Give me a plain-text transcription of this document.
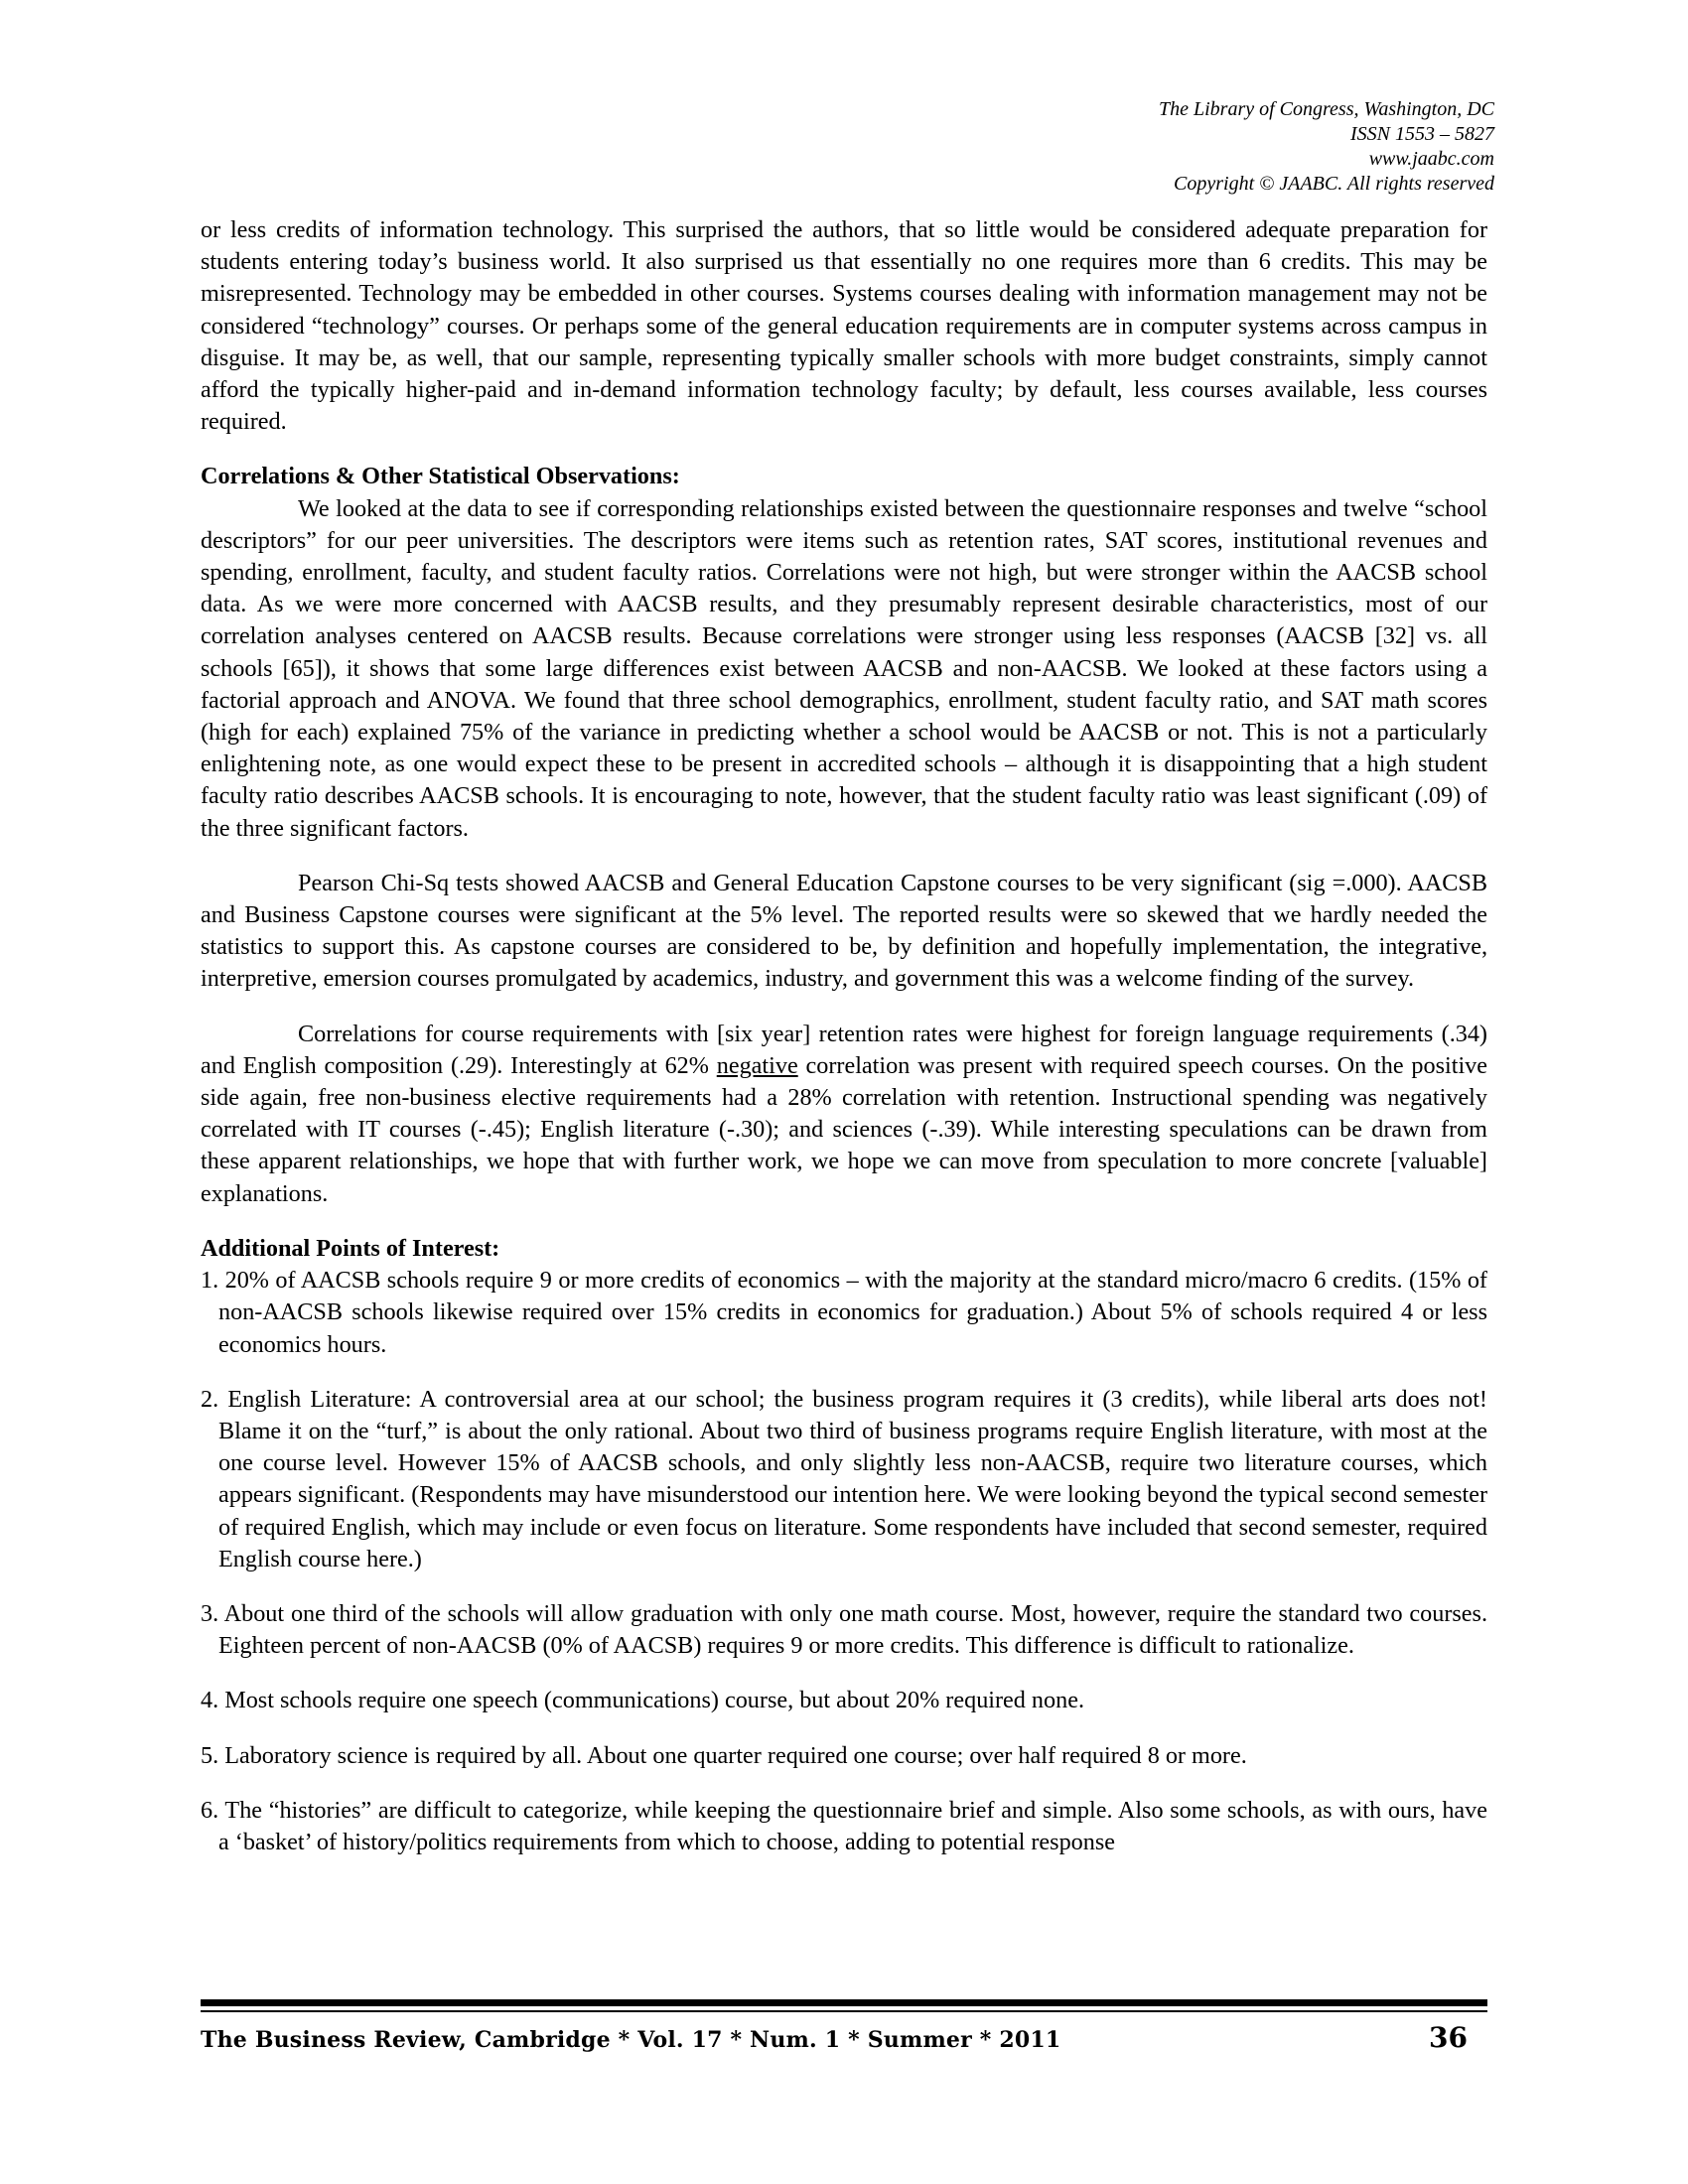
The Library of Congress, Washington, DC
ISSN 1553 – 5827
www.jaabc.com
Copyright © JAABC. All rights reserved

or less credits of information technology. This surprised the authors, that so little would be considered adequate preparation for students entering today’s business world. It also surprised us that essentially no one requires more than 6 credits. This may be misrepresented. Technology may be embedded in other courses. Systems courses dealing with information management may not be considered “technology” courses. Or perhaps some of the general education requirements are in computer systems across campus in disguise. It may be, as well, that our sample, representing typically smaller schools with more budget constraints, simply cannot afford the typically higher-paid and in-demand information technology faculty; by default, less courses available, less courses required.

Correlations & Other Statistical Observations:

We looked at the data to see if corresponding relationships existed between the questionnaire responses and twelve “school descriptors” for our peer universities. The descriptors were items such as retention rates, SAT scores, institutional revenues and spending, enrollment, faculty, and student faculty ratios. Correlations were not high, but were stronger within the AACSB school data. As we were more concerned with AACSB results, and they presumably represent desirable characteristics, most of our correlation analyses centered on AACSB results. Because correlations were stronger using less responses (AACSB [32] vs. all schools [65]), it shows that some large differences exist between AACSB and non-AACSB. We looked at these factors using a factorial approach and ANOVA. We found that three school demographics, enrollment, student faculty ratio, and SAT math scores (high for each) explained 75% of the variance in predicting whether a school would be AACSB or not. This is not a particularly enlightening note, as one would expect these to be present in accredited schools – although it is disappointing that a high student faculty ratio describes AACSB schools. It is encouraging to note, however, that the student faculty ratio was least significant (.09) of the three significant factors.

Pearson Chi-Sq tests showed AACSB and General Education Capstone courses to be very significant (sig =.000). AACSB and Business Capstone courses were significant at the 5% level. The reported results were so skewed that we hardly needed the statistics to support this. As capstone courses are considered to be, by definition and hopefully implementation, the integrative, interpretive, emersion courses promulgated by academics, industry, and government this was a welcome finding of the survey.

Correlations for course requirements with [six year] retention rates were highest for foreign language requirements (.34) and English composition (.29). Interestingly at 62% negative correlation was present with required speech courses. On the positive side again, free non-business elective requirements had a 28% correlation with retention. Instructional spending was negatively correlated with IT courses (-.45); English literature (-.30); and sciences (-.39). While interesting speculations can be drawn from these apparent relationships, we hope that with further work, we hope we can move from speculation to more concrete [valuable] explanations.

Additional Points of Interest:

1. 20% of AACSB schools require 9 or more credits of economics – with the majority at the standard micro/macro 6 credits. (15% of non-AACSB schools likewise required over 15% credits in economics for graduation.) About 5% of schools required 4 or less economics hours.

2. English Literature: A controversial area at our school; the business program requires it (3 credits), while liberal arts does not! Blame it on the “turf,” is about the only rational. About two third of business programs require English literature, with most at the one course level. However 15% of AACSB schools, and only slightly less non-AACSB, require two literature courses, which appears significant. (Respondents may have misunderstood our intention here. We were looking beyond the typical second semester of required English, which may include or even focus on literature. Some respondents have included that second semester, required English course here.)

3. About one third of the schools will allow graduation with only one math course. Most, however, require the standard two courses. Eighteen percent of non-AACSB (0% of AACSB) requires 9 or more credits. This difference is difficult to rationalize.

4. Most schools require one speech (communications) course, but about 20% required none.

5. Laboratory science is required by all. About one quarter required one course; over half required 8 or more.

6. The “histories” are difficult to categorize, while keeping the questionnaire brief and simple. Also some schools, as with ours, have a ‘basket’ of history/politics requirements from which to choose, adding to potential response

The Business Review, Cambridge * Vol. 17 * Num. 1 * Summer * 2011	36
